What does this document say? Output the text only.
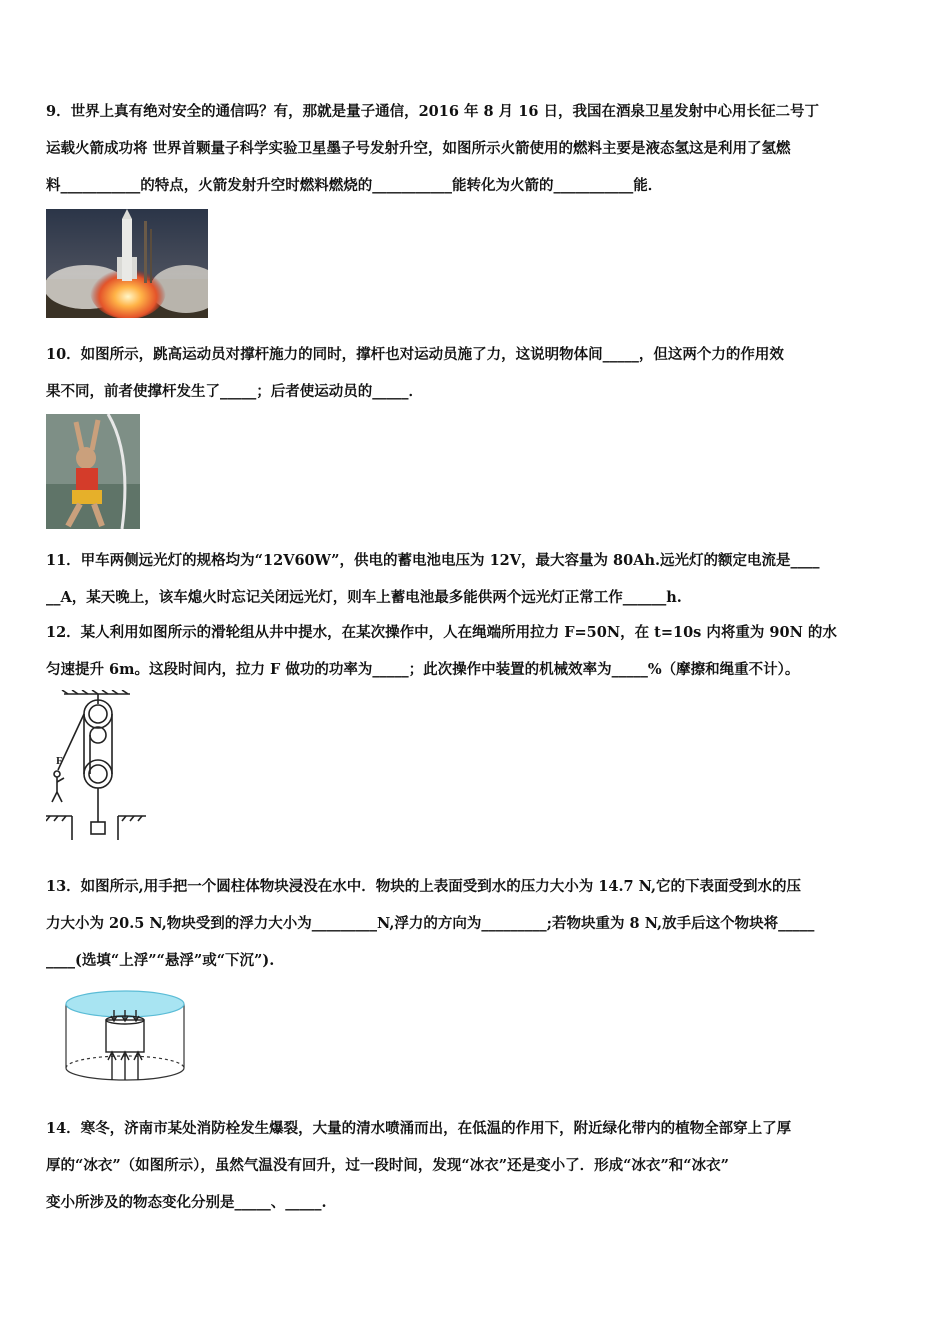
9．世界上真有绝对安全的通信吗？有，那就是量子通信，2016 年 8 月 16 日，我国在酒泉卫星发射中心用长征二号丁
运载火箭成功将 世界首颗量子科学实验卫星墨子号发射升空，如图所示火箭使用的燃料主要是液态氢这是利用了氢燃
料___________的特点，火箭发射升空时燃料燃烧的___________能转化为火箭的___________能．
10．如图所示，跳高运动员对撑杆施力的同时，撑杆也对运动员施了力，这说明物体间_____，但这两个力的作用效
果不同，前者使撑杆发生了_____；后者使运动员的_____．
11．甲车两侧远光灯的规格均为“12V60W”，供电的蓄电池电压为 12V，最大容量为 80Ah.远光灯的额定电流是____
__A，某天晚上，该车熄火时忘记关闭远光灯，则车上蓄电池最多能供两个远光灯正常工作______h.
12．某人利用如图所示的滑轮组从井中提水，在某次操作中，人在绳端所用拉力 F=50N，在 t=10s 内将重为 90N 的水
匀速提升 6m。这段时间内，拉力 F 做功的功率为_____；此次操作中装置的机械效率为_____%（摩擦和绳重不计）。
F
13．如图所示,用手把一个圆柱体物块浸没在水中．物块的上表面受到水的压力大小为 14.7 N,它的下表面受到水的压
力大小为 20.5 N,物块受到的浮力大小为_________N,浮力的方向为_________;若物块重为 8 N,放手后这个物块将_____
____(选填“上浮”“悬浮”或“下沉”).
14．寒冬，济南市某处消防栓发生爆裂，大量的清水喷涌而出，在低温的作用下，附近绿化带内的植物全部穿上了厚
厚的“冰衣”（如图所示），虽然气温没有回升，过一段时间，发现“冰衣”还是变小了．形成“冰衣”和“冰衣”
变小所涉及的物态变化分别是_____、_____.
